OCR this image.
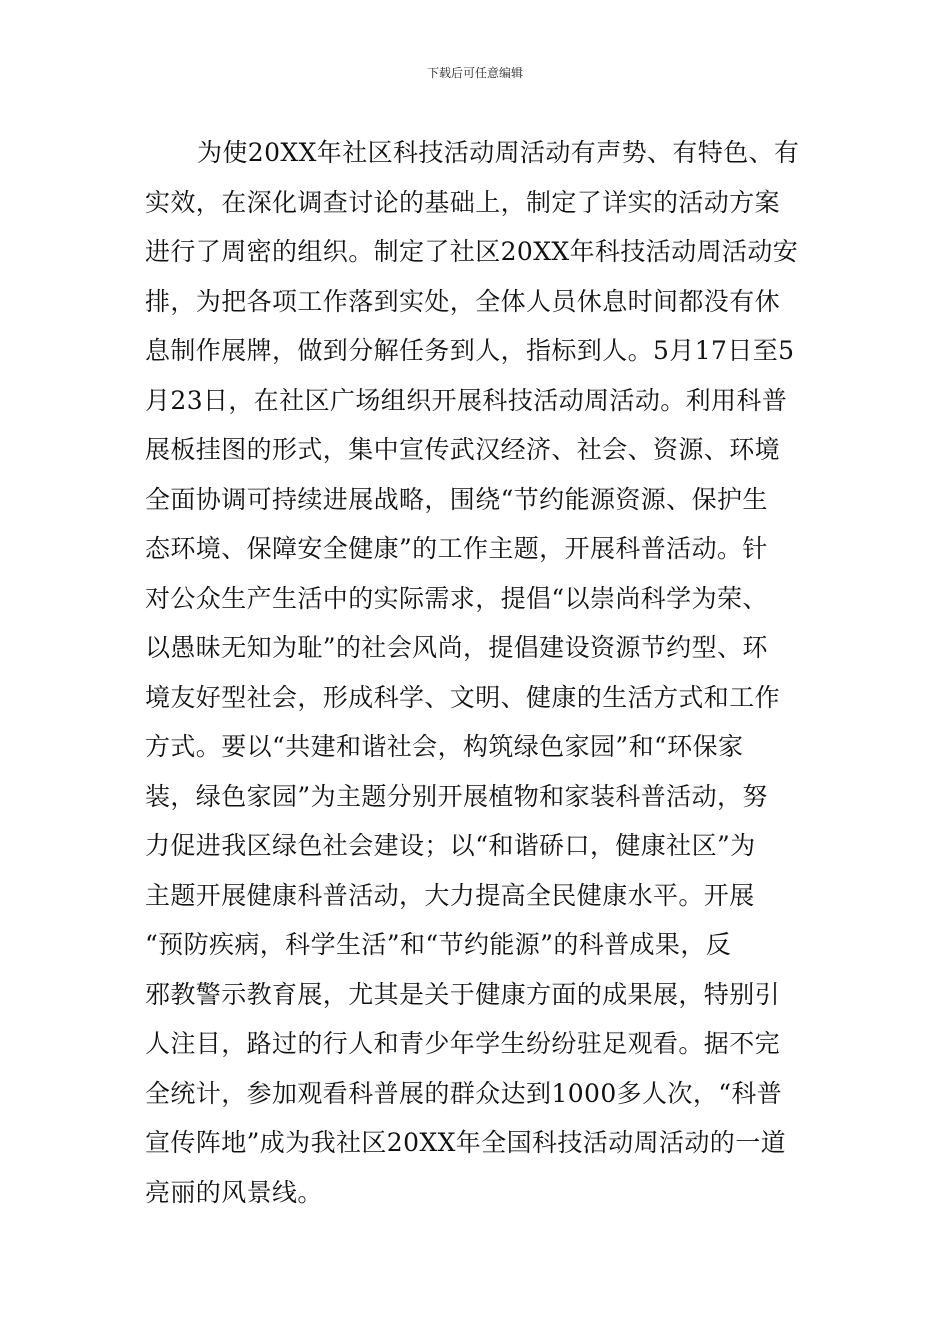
下载后可任意编辑
为使20XX年社区科技活动周活动有声势、有特色、有
实效，在深化调查讨论的基础上，制定了详实的活动方案
进行了周密的组织。制定了社区20XX年科技活动周活动安
排，为把各项工作落到实处，全体人员休息时间都没有休
息制作展牌，做到分解任务到人，指标到人。5月17日至5
月23日，在社区广场组织开展科技活动周活动。利用科普
展板挂图的形式，集中宣传武汉经济、社会、资源、环境
全面协调可持续进展战略，围绕“节约能源资源、保护生
态环境、保障安全健康”的工作主题，开展科普活动。针
对公众生产生活中的实际需求，提倡“以崇尚科学为荣、
以愚昧无知为耻”的社会风尚，提倡建设资源节约型、环
境友好型社会，形成科学、文明、健康的生活方式和工作
方式。要以“共建和谐社会，构筑绿色家园”和“环保家
装，绿色家园”为主题分别开展植物和家装科普活动，努
力促进我区绿色社会建设；以“和谐硚口，健康社区”为
主题开展健康科普活动，大力提高全民健康水平。开展
“预防疾病，科学生活”和“节约能源”的科普成果，反
邪教警示教育展，尤其是关于健康方面的成果展，特别引
人注目，路过的行人和青少年学生纷纷驻足观看。据不完
全统计，参加观看科普展的群众达到1000多人次，“科普
宣传阵地”成为我社区20XX年全国科技活动周活动的一道
亮丽的风景线。
